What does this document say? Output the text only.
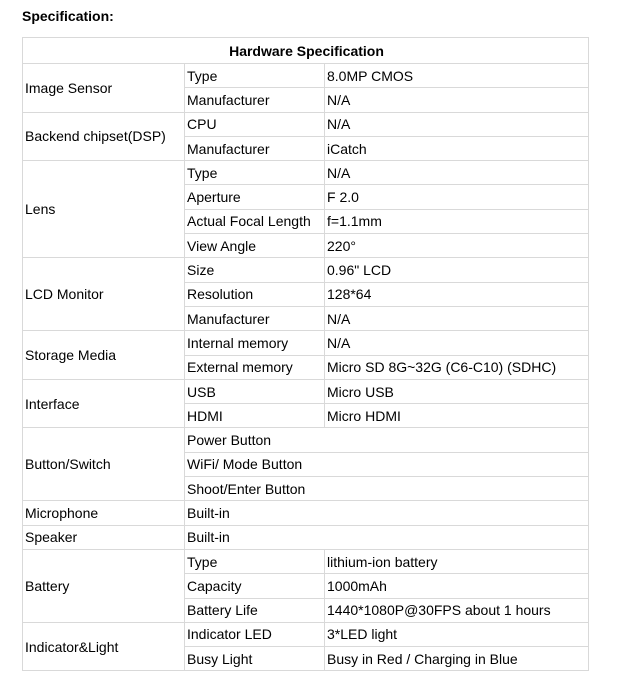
Specification:
Hardware Specification		
Image Sensor	Type	8.0MP CMOS
	Manufacturer	N/A
Backend chipset(DSP)	CPU	N/A
	Manufacturer	iCatch
Lens	Type	N/A
	Aperture	F 2.0
	Actual Focal Length	f=1.1mm
	View Angle	220°
LCD Monitor	Size	0.96" LCD
	Resolution	128*64
	Manufacturer	N/A
Storage Media	Internal memory	N/A
	External memory	Micro SD 8G~32G (C6-C10) (SDHC)
Interface	USB	Micro USB
	HDMI	Micro HDMI
Button/Switch	Power Button	
	WiFi/ Mode Button	
	Shoot/Enter Button	
Microphone	Built-in	
Speaker	Built-in	
Battery	Type	lithium-ion battery
	Capacity	1000mAh
	Battery Life	1440*1080P@30FPS about 1 hours
Indicator&Light	Indicator LED	3*LED light
	Busy Light	Busy in Red / Charging in Blue
